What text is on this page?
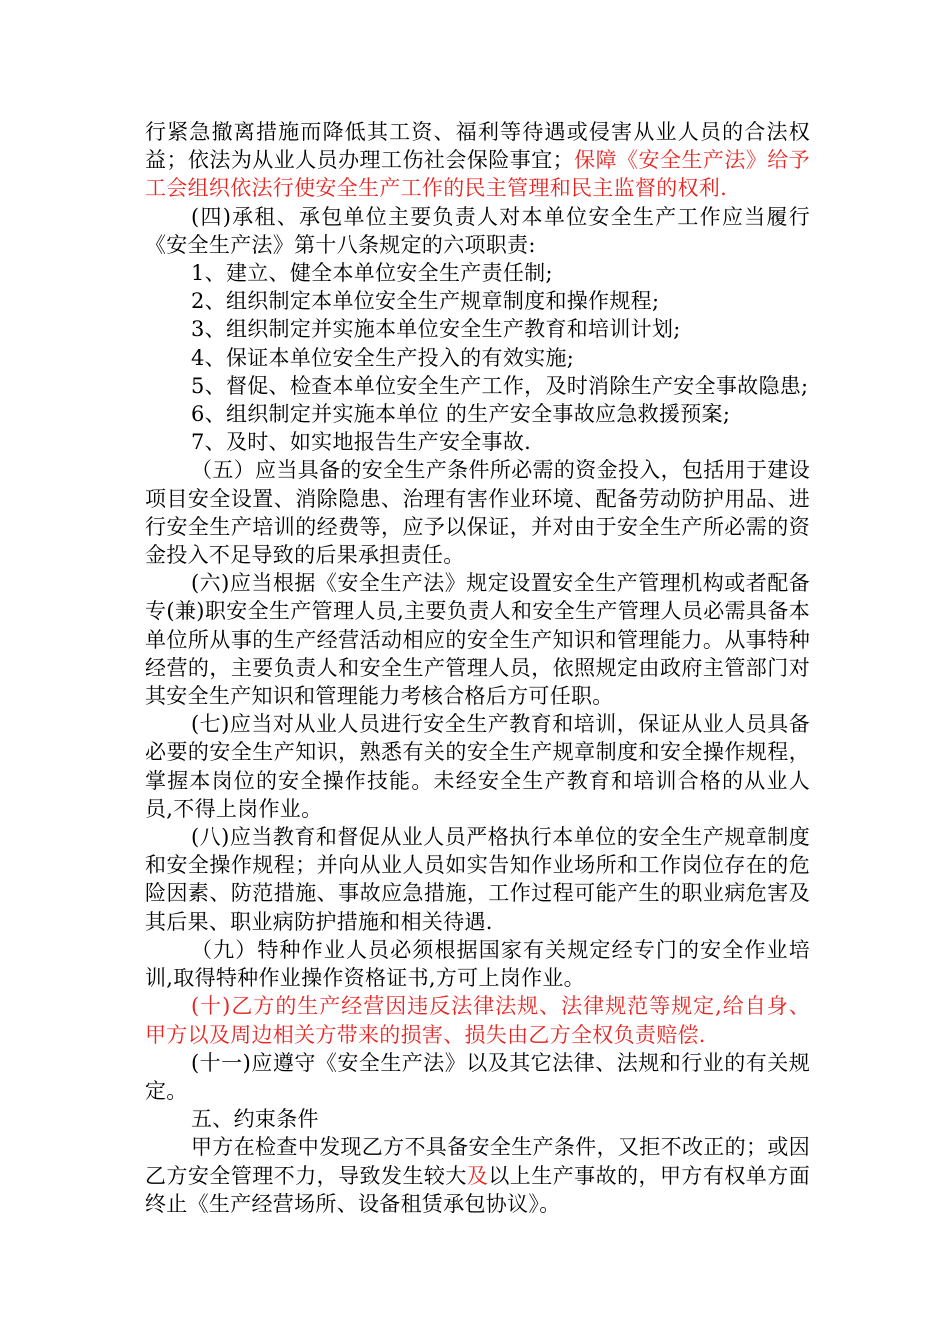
行紧急撤离措施而降低其工资、福利等待遇或侵害从业人员的合法权益；依法为从业人员办理工伤社会保险事宜；保障《安全生产法》给予工会组织依法行使安全生产工作的民主管理和民主监督的权利.

(四)承租、承包单位主要负责人对本单位安全生产工作应当履行《安全生产法》第十八条规定的六项职责:

1、建立、健全本单位安全生产责任制;

2、组织制定本单位安全生产规章制度和操作规程;

3、组织制定并实施本单位安全生产教育和培训计划;

4、保证本单位安全生产投入的有效实施;

5、督促、检查本单位安全生产工作，及时消除生产安全事故隐患;

6、组织制定并实施本单位 的生产安全事故应急救援预案;

7、及时、如实地报告生产安全事故.

（五）应当具备的安全生产条件所必需的资金投入，包括用于建设项目安全设置、消除隐患、治理有害作业环境、配备劳动防护用品、进行安全生产培训的经费等，应予以保证，并对由于安全生产所必需的资金投入不足导致的后果承担责任。

(六)应当根据《安全生产法》规定设置安全生产管理机构或者配备专(兼)职安全生产管理人员,主要负责人和安全生产管理人员必需具备本单位所从事的生产经营活动相应的安全生产知识和管理能力。从事特种经营的，主要负责人和安全生产管理人员，依照规定由政府主管部门对其安全生产知识和管理能力考核合格后方可任职。

(七)应当对从业人员进行安全生产教育和培训，保证从业人员具备必要的安全生产知识，熟悉有关的安全生产规章制度和安全操作规程，掌握本岗位的安全操作技能。未经安全生产教育和培训合格的从业人员,不得上岗作业。

(八)应当教育和督促从业人员严格执行本单位的安全生产规章制度和安全操作规程；并向从业人员如实告知作业场所和工作岗位存在的危险因素、防范措施、事故应急措施，工作过程可能产生的职业病危害及其后果、职业病防护措施和相关待遇.

（九）特种作业人员必须根据国家有关规定经专门的安全作业培训,取得特种作业操作资格证书,方可上岗作业。

(十)乙方的生产经营因违反法律法规、法律规范等规定,给自身、甲方以及周边相关方带来的损害、损失由乙方全权负责赔偿.

(十一)应遵守《安全生产法》以及其它法律、法规和行业的有关规定。

五、约束条件

甲方在检查中发现乙方不具备安全生产条件，又拒不改正的；或因乙方安全管理不力，导致发生较大及以上生产事故的，甲方有权单方面终止《生产经营场所、设备租赁承包协议》。
